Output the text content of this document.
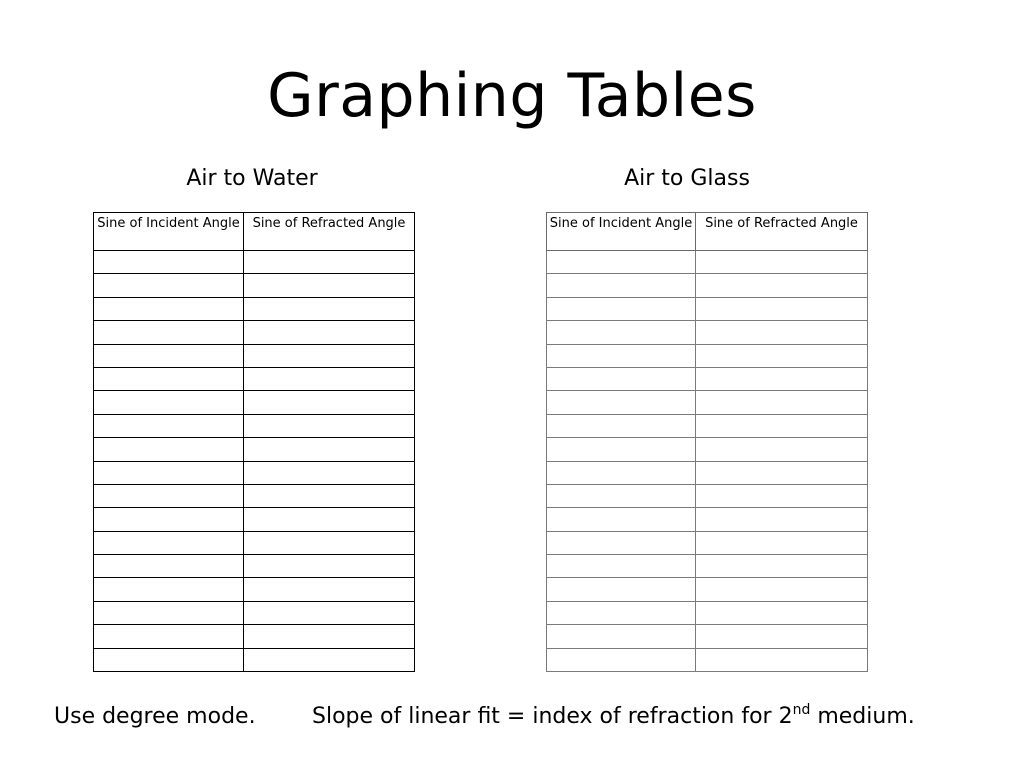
Graphing Tables
Air to Water	Air to Glass
Sine of Incident Angle	Sine of Refracted Angle

		Sine of Incident Angle	Sine of Refracted Angle

Use degree mode.	Slope of linear fit = index of refraction for 2nd medium.
